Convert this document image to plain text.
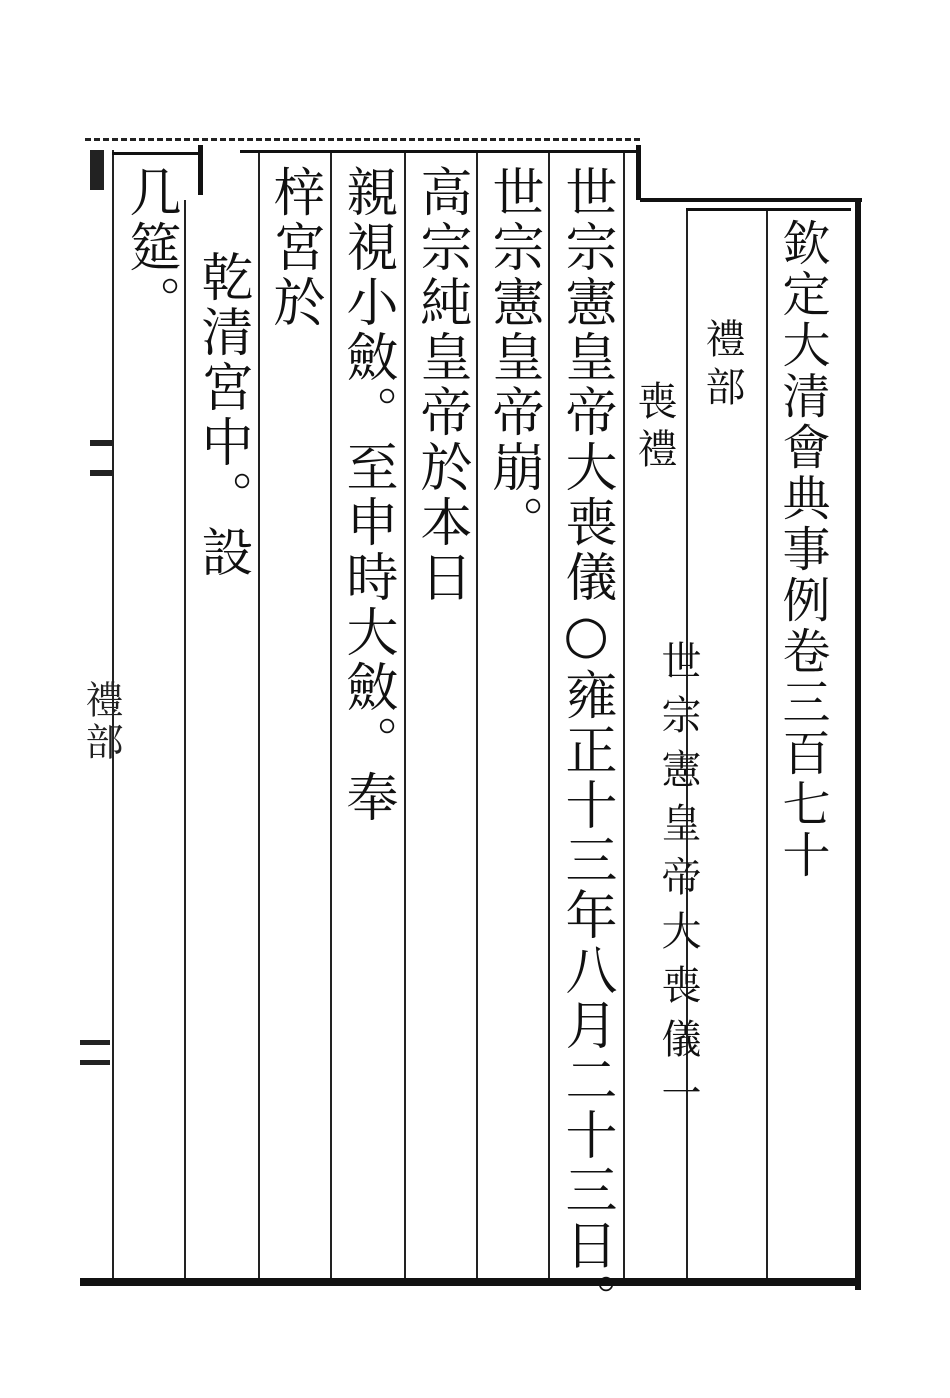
欽定大清會典事例卷三百七十
禮部
喪禮
世宗憲皇帝大喪儀一
世宗憲皇帝大喪儀○雍正十三年八月二十三日。
世宗憲皇帝崩。
高宗純皇帝於本日
親視小斂。至申時大斂。奉
梓宮於
乾清宮中。設
几筵。
禮部
